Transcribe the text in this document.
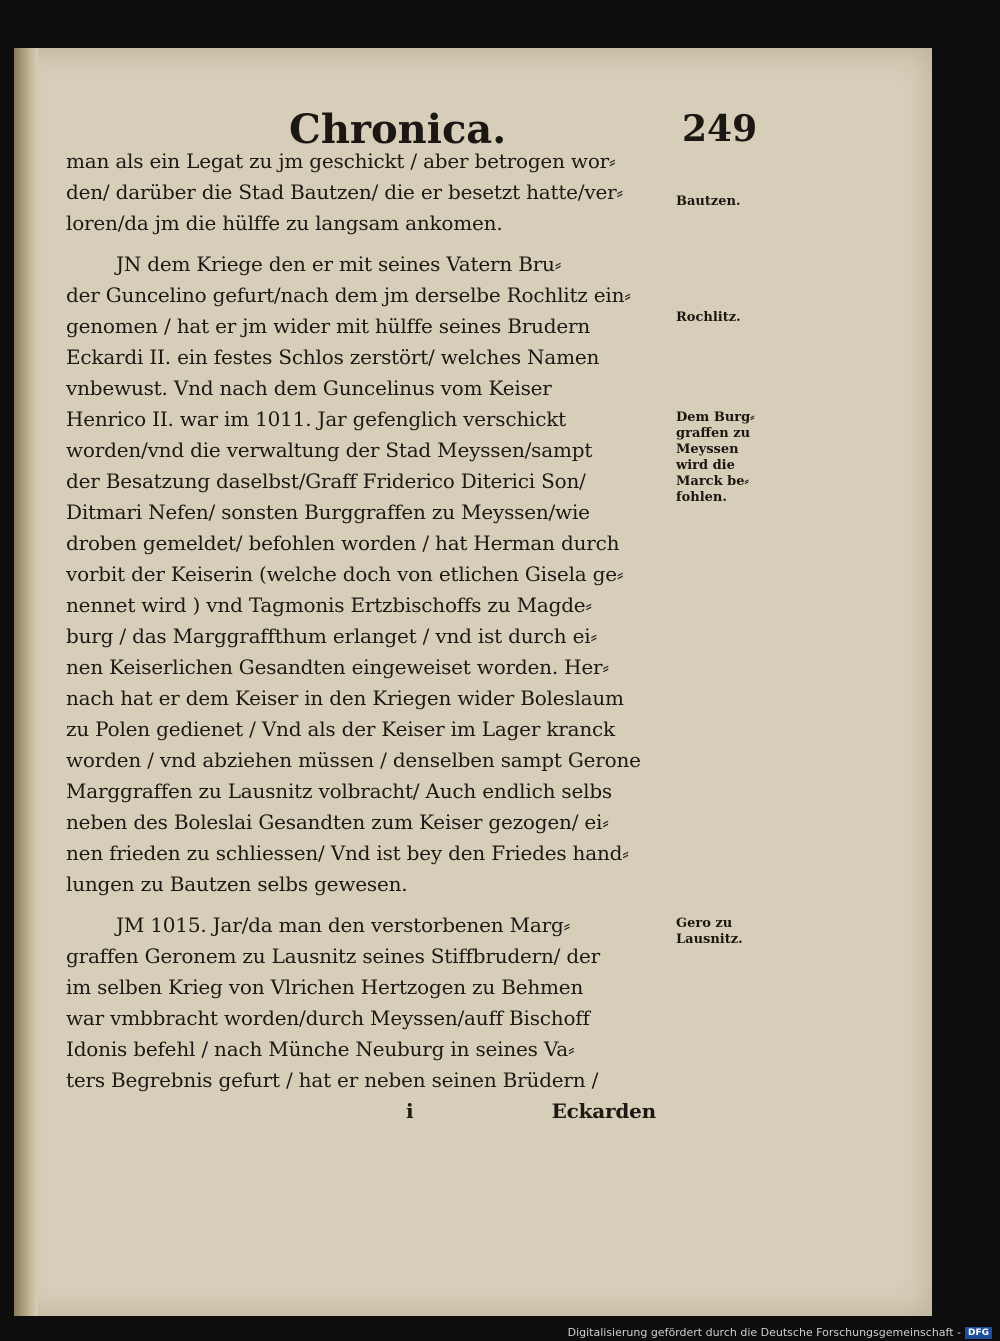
Chronica.	249
man als ein Legat zu jm geschickt / aber betrogen wor⸗
den/ darüber die Stad Bautzen/ die er besetzt hatte/ver⸗
loren/da jm die hülffe zu langsam ankomen.
JN dem Kriege den er mit seines Vatern Bru⸗
der Guncelino gefurt/nach dem jm derselbe Rochlitz ein⸗
genomen / hat er jm wider mit hülffe seines Brudern
Eckardi II. ein festes Schlos zerstört/ welches Namen
vnbewust. Vnd nach dem Guncelinus vom Keiser
Henrico II. war im 1011. Jar gefenglich verschickt
worden/vnd die verwaltung der Stad Meyssen/sampt
der Besatzung daselbst/Graff Friderico Diterici Son/
Ditmari Nefen/ sonsten Burggraffen zu Meyssen/wie
droben gemeldet/ befohlen worden / hat Herman durch
vorbit der Keiserin (welche doch von etlichen Gisela ge⸗
nennet wird ) vnd Tagmonis Ertzbischoffs zu Magde⸗
burg / das Marggraffthum erlanget / vnd ist durch ei⸗
nen Keiserlichen Gesandten eingeweiset worden. Her⸗
nach hat er dem Keiser in den Kriegen wider Boleslaum
zu Polen gedienet / Vnd als der Keiser im Lager kranck
worden / vnd abziehen müssen / denselben sampt Gerone
Marggraffen zu Lausnitz volbracht/ Auch endlich selbs
neben des Boleslai Gesandten zum Keiser gezogen/ ei⸗
nen frieden zu schliessen/ Vnd ist bey den Friedes hand⸗
lungen zu Bautzen selbs gewesen.
JM 1015. Jar/da man den verstorbenen Marg⸗
graffen Geronem zu Lausnitz seines Stiffbrudern/ der
im selben Krieg von Vlrichen Hertzogen zu Behmen
war vmbbracht worden/durch Meyssen/auff Bischoff
Idonis befehl / nach Münche Neuburg in seines Va⸗
ters Begrebnis gefurt / hat er neben seinen Brüdern /
i	Eckarden
Bautzen.
Rochlitz.
Dem Burg⸗ graffen zu Meyssen wird die Marck be⸗ fohlen.
Gero zu Lausnitz.
Digitalisierung gefördert durch die Deutsche Forschungsgemeinschaft - DFG
